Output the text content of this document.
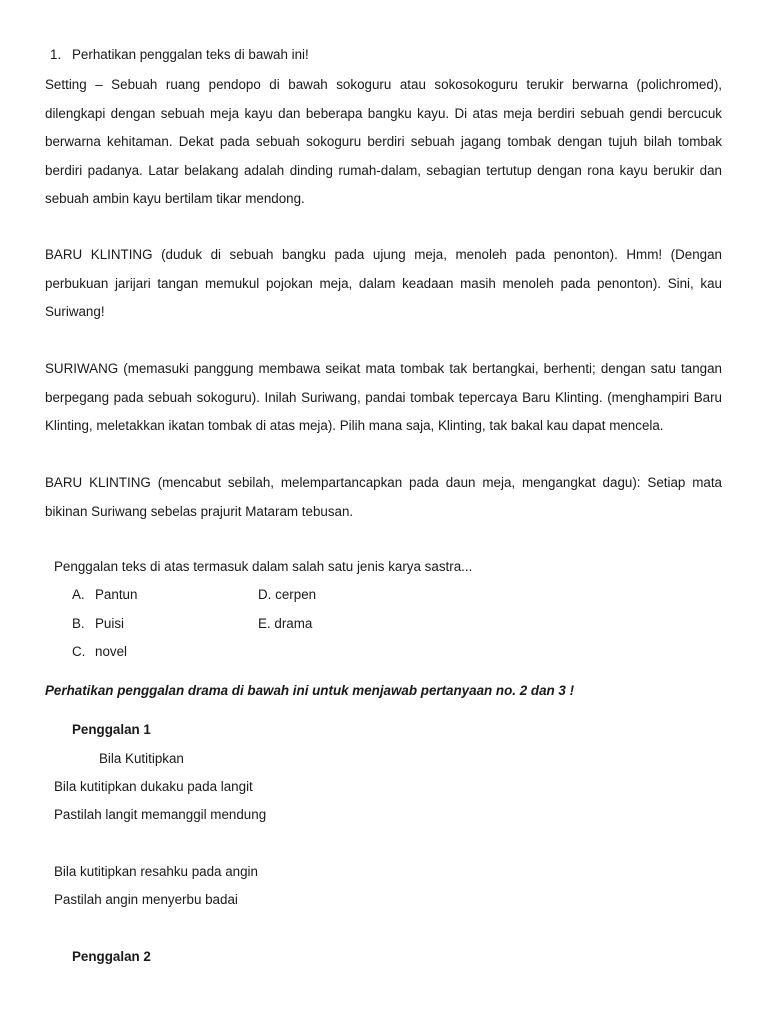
1. Perhatikan penggalan teks di bawah ini!

Setting – Sebuah ruang pendopo di bawah sokoguru atau sokosokoguru terukir berwarna (polichromed), dilengkapi dengan sebuah meja kayu dan beberapa bangku kayu. Di atas meja berdiri sebuah gendi bercucuk berwarna kehitaman. Dekat pada sebuah sokoguru berdiri sebuah jagang tombak dengan tujuh bilah tombak berdiri padanya. Latar belakang adalah dinding rumah-dalam, sebagian tertutup dengan rona kayu berukir dan sebuah ambin kayu bertilam tikar mendong.

BARU KLINTING (duduk di sebuah bangku pada ujung meja, menoleh pada penonton). Hmm! (Dengan perbukuan jarijari tangan memukul pojokan meja, dalam keadaan masih menoleh pada penonton). Sini, kau Suriwang!

SURIWANG (memasuki panggung membawa seikat mata tombak tak bertangkai, berhenti; dengan satu tangan berpegang pada sebuah sokoguru). Inilah Suriwang, pandai tombak tepercaya Baru Klinting. (menghampiri Baru Klinting, meletakkan ikatan tombak di atas meja). Pilih mana saja, Klinting, tak bakal kau dapat mencela.

BARU KLINTING (mencabut sebilah, melempartancapkan pada daun meja, mengangkat dagu): Setiap mata bikinan Suriwang sebelas prajurit Mataram tebusan.

Penggalan teks di atas termasuk dalam salah satu jenis karya sastra...
A. Pantun
B. Puisi
C. novel
D. cerpen
E. drama
Perhatikan penggalan drama di bawah ini untuk menjawab pertanyaan no. 2 dan 3 !
Penggalan 1
Bila Kutitipkan
Bila kutitipkan dukaku pada langit
Pastilah langit memanggil mendung
Bila kutitipkan resahku pada angin
Pastilah angin menyerbu badai
Penggalan 2
